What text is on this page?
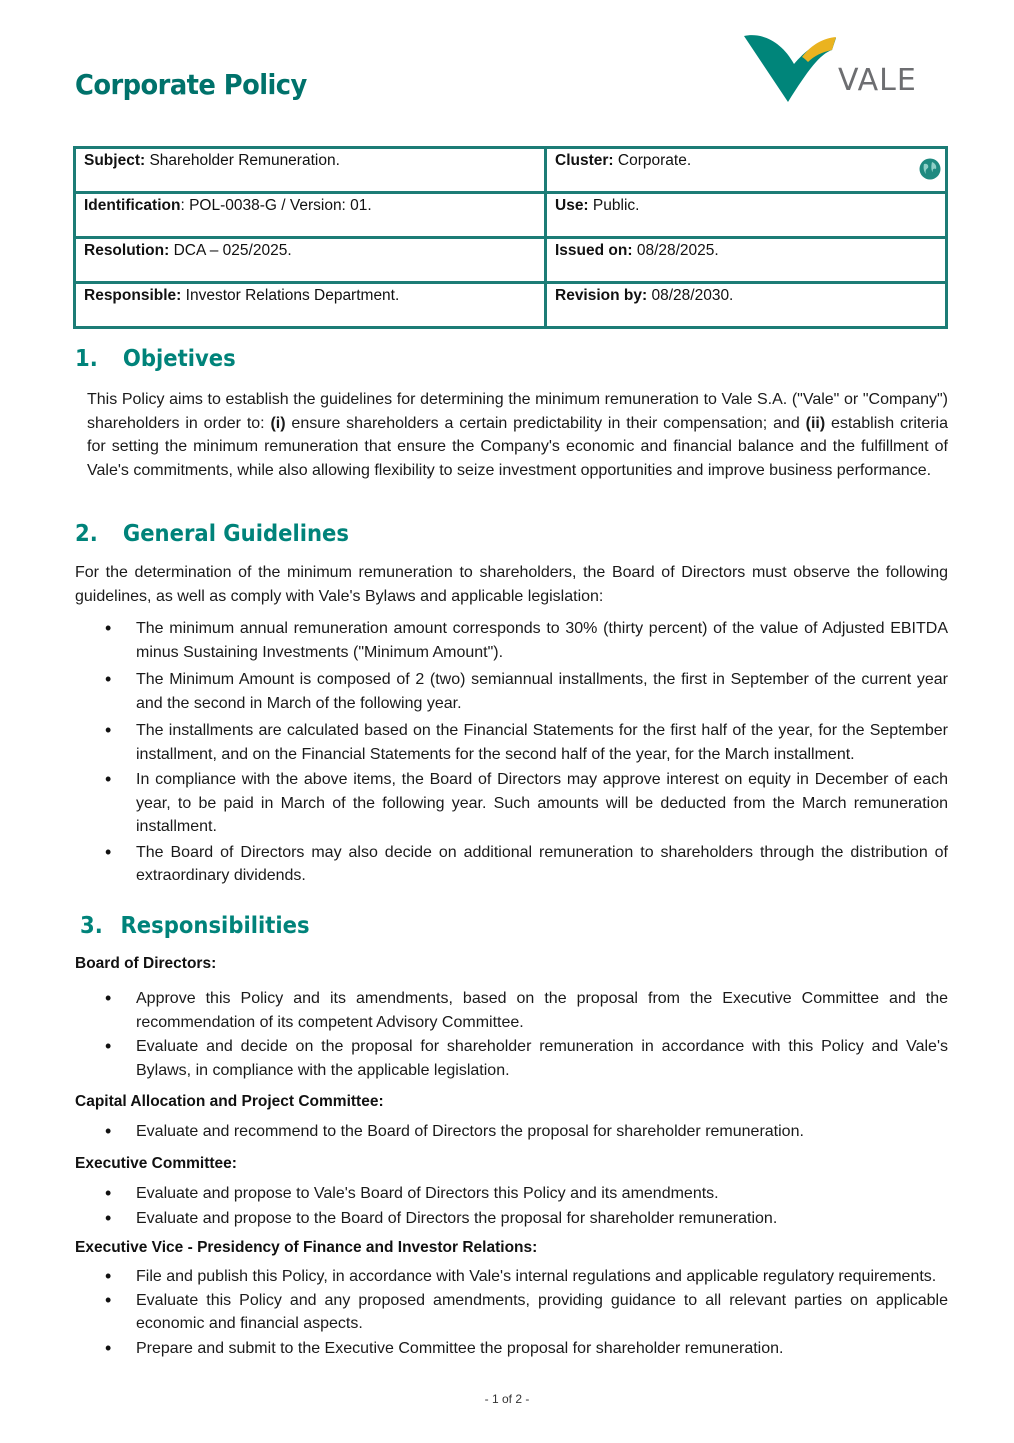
Corporate Policy	VALE
Subject: Shareholder Remuneration.	Cluster: Corporate.

Identification: POL-0038-G / Version: 01.	Use: Public.
Resolution: DCA – 025/2025.	Issued on: 08/28/2025.
Responsible: Investor Relations Department.	Revision by: 08/28/2030.
1. Objetives
This Policy aims to establish the guidelines for determining the minimum remuneration to Vale S.A. ("Vale" or "Company") shareholders in order to: (i) ensure shareholders a certain predictability in their compensation; and (ii) establish criteria for setting the minimum remuneration that ensure the Company's economic and financial balance and the fulfillment of Vale's commitments, while also allowing flexibility to seize investment opportunities and improve business performance.
2. General Guidelines
For the determination of the minimum remuneration to shareholders, the Board of Directors must observe the following guidelines, as well as comply with Vale's Bylaws and applicable legislation:
• The minimum annual remuneration amount corresponds to 30% (thirty percent) of the value of Adjusted EBITDA minus Sustaining Investments ("Minimum Amount").
• The Minimum Amount is composed of 2 (two) semiannual installments, the first in September of the current year and the second in March of the following year.
• The installments are calculated based on the Financial Statements for the first half of the year, for the September installment, and on the Financial Statements for the second half of the year, for the March installment.
• In compliance with the above items, the Board of Directors may approve interest on equity in December of each year, to be paid in March of the following year. Such amounts will be deducted from the March remuneration installment.
• The Board of Directors may also decide on additional remuneration to shareholders through the distribution of extraordinary dividends.
3. Responsibilities
Board of Directors:
• Approve this Policy and its amendments, based on the proposal from the Executive Committee and the recommendation of its competent Advisory Committee.
• Evaluate and decide on the proposal for shareholder remuneration in accordance with this Policy and Vale's Bylaws, in compliance with the applicable legislation.
Capital Allocation and Project Committee:
• Evaluate and recommend to the Board of Directors the proposal for shareholder remuneration.
Executive Committee:
• Evaluate and propose to Vale's Board of Directors this Policy and its amendments.
• Evaluate and propose to the Board of Directors the proposal for shareholder remuneration.
Executive Vice - Presidency of Finance and Investor Relations:
• File and publish this Policy, in accordance with Vale's internal regulations and applicable regulatory requirements.
• Evaluate this Policy and any proposed amendments, providing guidance to all relevant parties on applicable economic and financial aspects.
• Prepare and submit to the Executive Committee the proposal for shareholder remuneration.
- 1 of 2 -
